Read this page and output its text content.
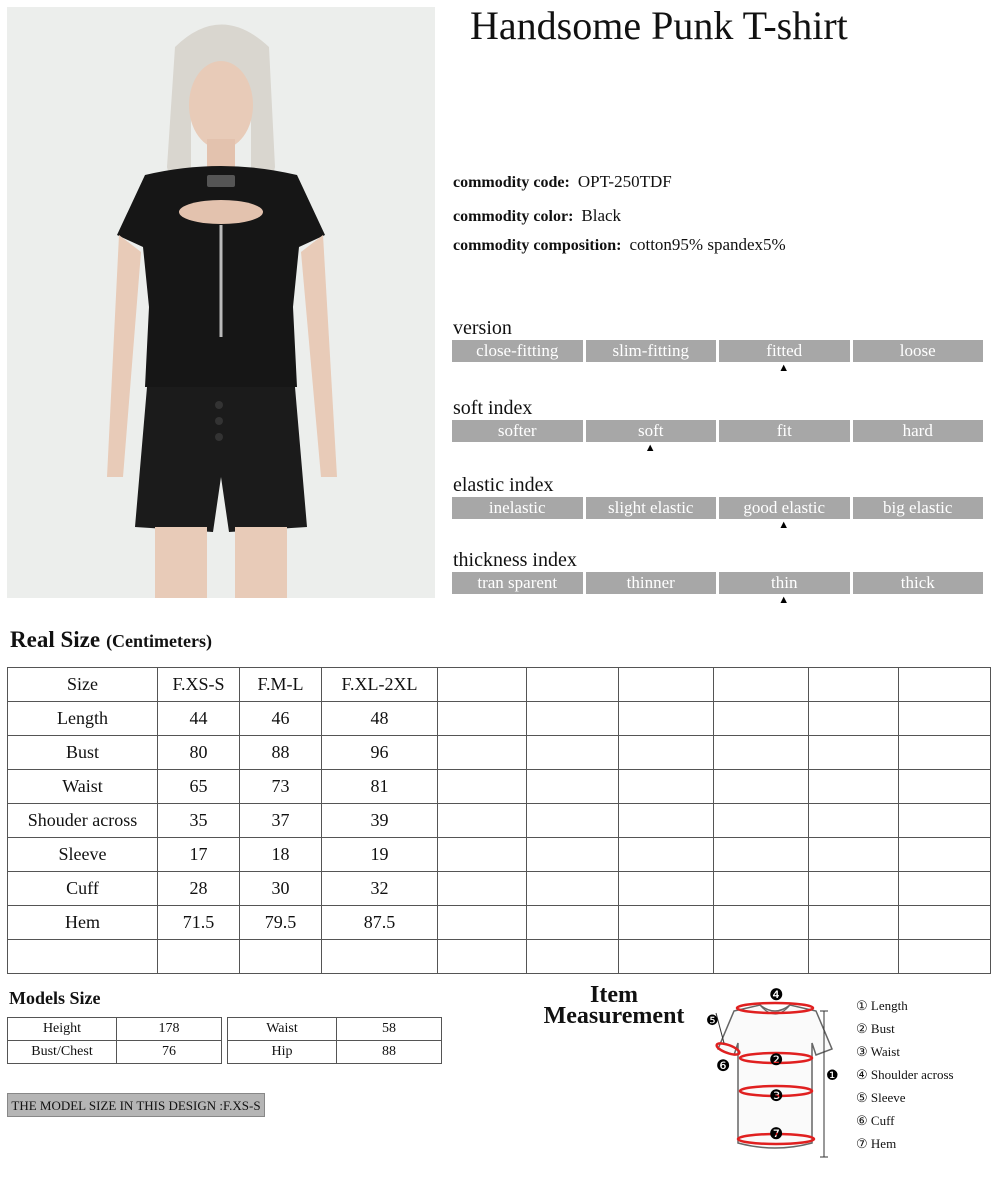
Handsome Punk T-shirt
commodity code: OPT-250TDF
commodity color: Black
commodity composition: cotton95% spandex5%
version
close-fitting	slim-fitting	fitted	loose
▲
soft index
softer	soft	fit	hard
▲
elastic index
inelastic	slight elastic	good elastic	big elastic
▲
thickness index
tran sparent	thinner	thin	thick
▲
Real Size (Centimeters)
Size	F.XS-S	F.M-L	F.XL-2XL						
Length	44	46	48						
Bust	80	88	96						
Waist	65	73	81						
Shouder across	35	37	39						
Sleeve	17	18	19						
Cuff	28	30	32						
Hem	71.5	79.5	87.5						

Models Size
Height	178
Bust/Chest	76
Waist	58
Hip	88
THE MODEL SIZE IN THIS DESIGN :F.XS-S
Item
Measurement
❹
❺
❷
❶
❻
❸
❼
① Length
② Bust
③ Waist
④ Shoulder across
⑤ Sleeve
⑥ Cuff
⑦ Hem
